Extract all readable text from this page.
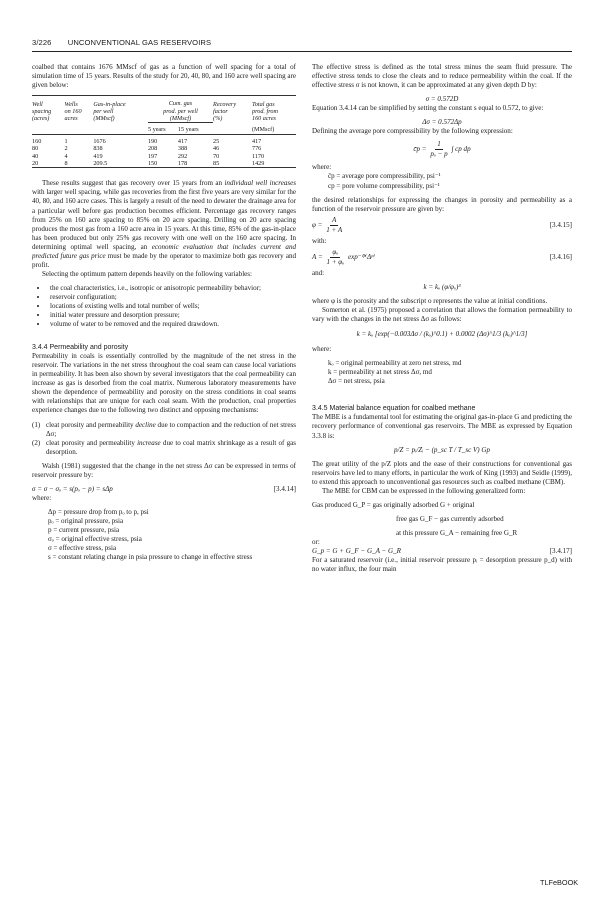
3/226 UNCONVENTIONAL GAS RESERVOIRS

coalbed that contains 1676 MMscf of gas as a function of well spacing for a total of simulation time of 15 years. Results of the study for 20, 40, 80, and 160 acre well spacing are given below:

Well
spacing
(acres)	Wells
on 160
acres	Gas-in-place
per well
(MMscf)	Cum. gas
prod. per well
(MMscf)		Recovery
factor
(%)	Total gas
prod. from
160 acres

			5 years	15 years		(MMscf)

160	1	1676	190	417	25	417
80	2	838	208	388	46	776
40	4	419	197	292	70	1170
20	8	209.5	150	178	85	1429

These results suggest that gas recovery over 15 years from an individual well increases with larger well spacing, while gas recoveries from the first five years are very similar for the 40, 80, and 160 acre cases. This is largely a result of the need to dewater the drainage area for a particular well before gas production becomes efficient. Percentage gas recovery ranges from 25% on 160 acre spacing to 85% on 20 acre spacing. Drilling on 20 acre spacing produces the most gas from a 160 acre area in 15 years. At this time, 85% of the gas-in-place has been produced but only 25% gas recovery with one well on the 160 acre spacing. In determining optimal well spacing, an economic evaluation that includes current and predicted future gas price must be made by the operator to maximize both gas recovery and profit.

Selecting the optimum pattern depends heavily on the following variables:

• the coal characteristics, i.e., isotropic or anisotropic permeability behavior;
• reservoir configuration;
• locations of existing wells and total number of wells;
• initial water pressure and desorption pressure;
• volume of water to be removed and the required drawdown.

3.4.4 Permeability and porosity

Permeability in coals is essentially controlled by the magnitude of the net stress in the reservoir. The variations in the net stress throughout the coal seam can cause local variations in permeability. It has been also shown by several investigators that the coal permeability can increase as gas is desorbed from the coal matrix. Numerous laboratory measurements have shown the dependence of permeability and porosity on the stress conditions in coal seams with relationships that are unique for each coal seam. With the production, coal properties experience changes due to the following two distinct and opposing mechanisms:

(1) cleat porosity and permeability decline due to compaction and the reduction of net stress Δσ;
(2) cleat porosity and permeability increase due to coal matrix shrinkage as a result of gas desorption.

Walsh (1981) suggested that the change in the net stress Δσ can be expressed in terms of reservoir pressure by:

σ = σ − σₒ = s(pₒ − p) = sΔp	[3.4.14]

where:

Δp = pressure drop from pₒ to p, psi

pₒ = original pressure, psia

p = current pressure, psia

σₒ = original effective stress, psia

σ = effective stress, psia

s = constant relating change in psia pressure to change in effective stress

The effective stress is defined as the total stress minus the seam fluid pressure. The effective stress tends to close the cleats and to reduce permeability within the coal. If the effective stress σ is not known, it can be approximated at any given depth D by:

σ = 0.572D

Equation 3.4.14 can be simplified by setting the constant s equal to 0.572, to give:

Δσ = 0.572Δp

Defining the average pore compressibility by the following expression:

c̄p = $\frac{1}{\text{pₒ − p}}$ ∫ cp dp

where:

c̄p = average pore compressibility, psi⁻¹

cp = pore volume compressibility, psi⁻¹

the desired relationships for expressing the changes in porosity and permeability as a function of the reservoir pressure are given by:

$\varphi = \frac{A}{1 + A}$	[3.4.15]

with:

$A = \frac{\text{φₒ}}{\text{1 + φₒ}}$ exp⁻ᶜ̄ᵖ⁽Δᵖ⁾	[3.4.16]

and:

k = kₒ (φ/φₒ)³

where φ is the porosity and the subscript o represents the value at initial conditions.

Somerton et al. (1975) proposed a correlation that allows the formation permeability to vary with the changes in the net stress Δσ as follows:

k = kₒ [exp(−0.003Δσ / (kₒ)^0.1) + 0.0002 (Δσ)^1/3 (kₒ)^1/3]

where:

kₒ = original permeability at zero net stress, md

k = permeability at net stress Δσ, md

Δσ = net stress, psia

3.4.5 Material balance equation for coalbed methane

The MBE is a fundamental tool for estimating the original gas-in-place G and predicting the recovery performance of conventional gas reservoirs. The MBE as expressed by Equation 3.3.8 is:

p/Z = pᵢ/Zᵢ − (p_sc T / T_sc V) Gp

The great utility of the p/Z plots and the ease of their constructions for conventional gas reservoirs have led to many efforts, in particular the work of King (1993) and Seidle (1999), to extend this approach to unconventional gas resources such as coalbed methane (CBM).

The MBE for CBM can be expressed in the following generalized form:

Gas produced G_P = gas originally adsorbed G + original

free gas G_F − gas currently adsorbed

at this pressure G_A − remaining free G_R

or:

G_p = G + G_F − G_A − G_R	[3.4.17]

For a saturated reservoir (i.e., initial reservoir pressure pᵢ = desorption pressure p_d) with no water influx, the four main

TLFeBOOK
